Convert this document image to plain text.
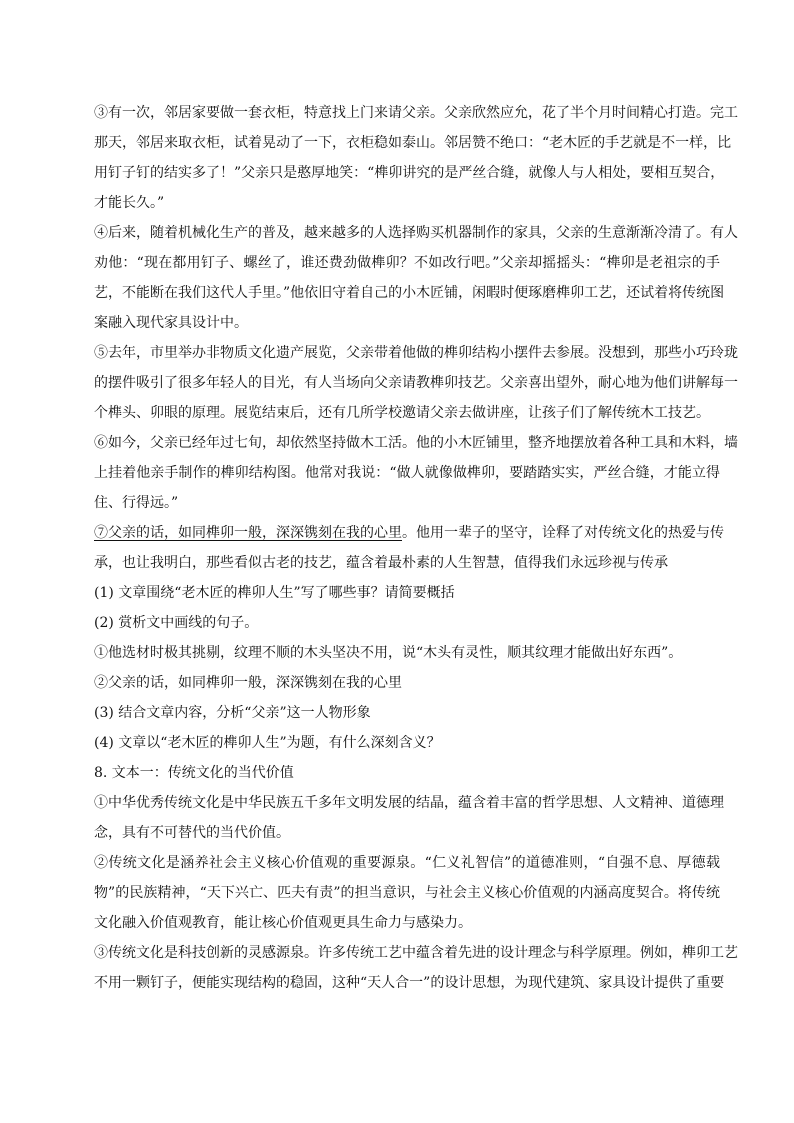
③有一次，邻居家要做一套衣柜，特意找上门来请父亲。父亲欣然应允，花了半个月时间精心打造。完工
那天，邻居来取衣柜，试着晃动了一下，衣柜稳如泰山。邻居赞不绝口：“老木匠的手艺就是不一样，比
用钉子钉的结实多了！”父亲只是憨厚地笑：“榫卯讲究的是严丝合缝，就像人与人相处，要相互契合，
才能长久。”
④后来，随着机械化生产的普及，越来越多的人选择购买机器制作的家具，父亲的生意渐渐冷清了。有人
劝他：“现在都用钉子、螺丝了，谁还费劲做榫卯？不如改行吧。”父亲却摇摇头：“榫卯是老祖宗的手
艺，不能断在我们这代人手里。”他依旧守着自己的小木匠铺，闲暇时便琢磨榫卯工艺，还试着将传统图
案融入现代家具设计中。
⑤去年，市里举办非物质文化遗产展览，父亲带着他做的榫卯结构小摆件去参展。没想到，那些小巧玲珑
的摆件吸引了很多年轻人的目光，有人当场向父亲请教榫卯技艺。父亲喜出望外，耐心地为他们讲解每一
个榫头、卯眼的原理。展览结束后，还有几所学校邀请父亲去做讲座，让孩子们了解传统木工技艺。
⑥如今，父亲已经年过七旬，却依然坚持做木工活。他的小木匠铺里，整齐地摆放着各种工具和木料，墙
上挂着他亲手制作的榫卯结构图。他常对我说：“做人就像做榫卯，要踏踏实实，严丝合缝，才能立得
住、行得远。”
⑦父亲的话，如同榫卯一般，深深镌刻在我的心里。他用一辈子的坚守，诠释了对传统文化的热爱与传
承，也让我明白，那些看似古老的技艺，蕴含着最朴素的人生智慧，值得我们永远珍视与传承
(1) 文章围绕“老木匠的榫卯人生”写了哪些事？请简要概括
(2) 赏析文中画线的句子。
①他选材时极其挑剔，纹理不顺的木头坚决不用，说“木头有灵性，顺其纹理才能做出好东西”。
②父亲的话，如同榫卯一般，深深镌刻在我的心里
(3) 结合文章内容，分析“父亲”这一人物形象
(4) 文章以“老木匠的榫卯人生”为题，有什么深刻含义？
8. 文本一：传统文化的当代价值
①中华优秀传统文化是中华民族五千多年文明发展的结晶，蕴含着丰富的哲学思想、人文精神、道德理
念，具有不可替代的当代价值。
②传统文化是涵养社会主义核心价值观的重要源泉。“仁义礼智信”的道德准则，“自强不息、厚德载
物”的民族精神，“天下兴亡、匹夫有责”的担当意识，与社会主义核心价值观的内涵高度契合。将传统
文化融入价值观教育，能让核心价值观更具生命力与感染力。
③传统文化是科技创新的灵感源泉。许多传统工艺中蕴含着先进的设计理念与科学原理。例如，榫卯工艺
不用一颗钉子，便能实现结构的稳固，这种“天人合一”的设计思想，为现代建筑、家具设计提供了重要
